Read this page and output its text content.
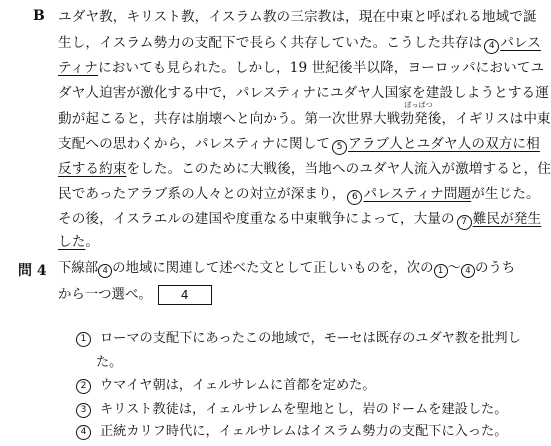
B ユダヤ教，キリスト教，イスラム教の三宗教は，現在中東と呼ばれる地域で誕
生し，イスラム勢力の支配下で長らく共存していた。こうした共存は 4 パレス
ティナにおいても見られた。しかし，19 世紀後半以降，ヨーロッパにおいてユ
ダヤ人迫害が激化する中で，パレスティナにユダヤ人国家を建設しようとする運
動が起こると，共存は崩壊へと向かう。第一次世界大戦
ぼっぱつ
勃発後，イギリスは中東
支配への思わくから，パレスティナに関して 5 アラブ人とユダヤ人の双方に相
反する約束をした。このために大戦後，当地へのユダヤ人流入が激増すると，住
民であったアラブ系の人々との対立が深まり， 6 パレスティナ問題が生じた。
その後，イスラエルの建国や度重なる中東戦争によって，大量の 7 難民が発生
した。
問 4 下線部 4 の地域に関連して述べた文として正しいものを，次の 1 〜 4 のうち
から一つ選べ。 4
1	ローマの支配下にあったこの地域で，モーセは既存のユダヤ教を批判し
た。
2	ウマイヤ朝は，イェルサレムに首都を定めた。
3	キリスト教徒は，イェルサレムを聖地とし，岩のドームを建設した。
4	正統カリフ時代に，イェルサレムはイスラム勢力の支配下に入った。
